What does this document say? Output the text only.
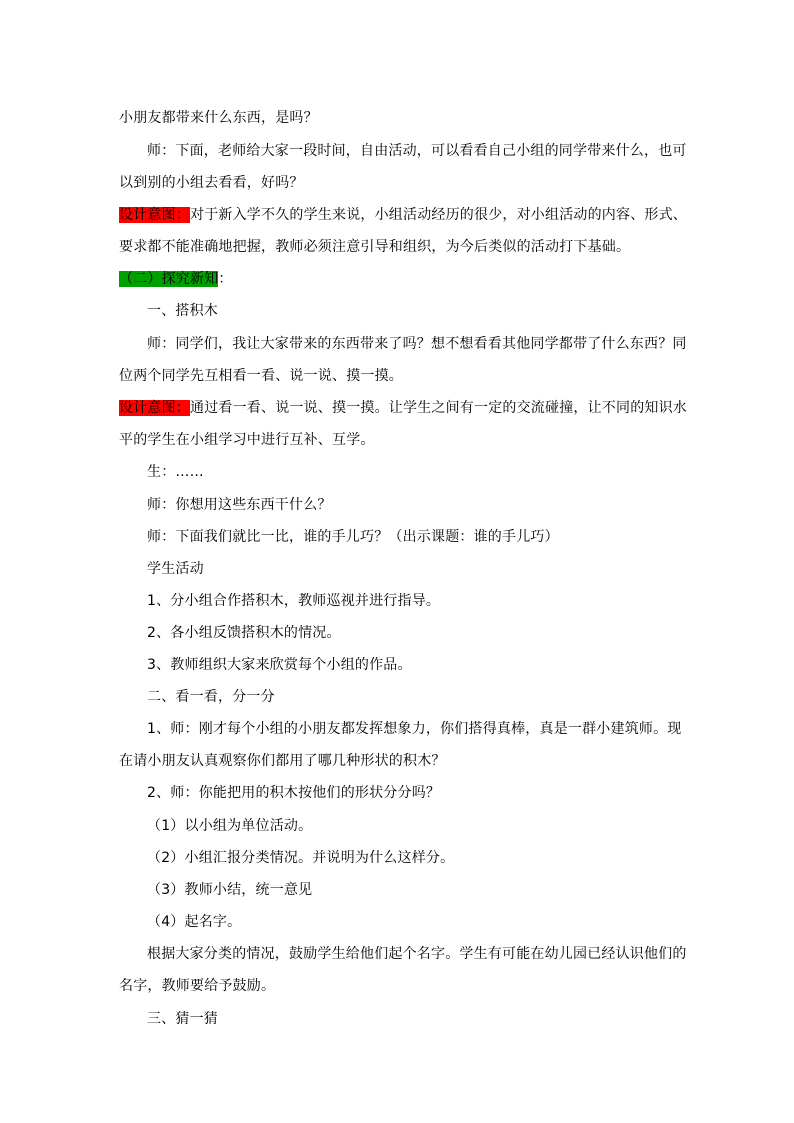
小朋友都带来什么东西，是吗？
师：下面，老师给大家一段时间，自由活动，可以看看自己小组的同学带来什么，也可
以到别的小组去看看，好吗？
设计意图：对于新入学不久的学生来说，小组活动经历的很少，对小组活动的内容、形式、
要求都不能准确地把握，教师必须注意引导和组织，为今后类似的活动打下基础。
（二）探究新知：
一、搭积木
师：同学们，我让大家带来的东西带来了吗？想不想看看其他同学都带了什么东西？同
位两个同学先互相看一看、说一说、摸一摸。
设计意图：通过看一看、说一说、摸一摸。让学生之间有一定的交流碰撞，让不同的知识水
平的学生在小组学习中进行互补、互学。
生：……
师：你想用这些东西干什么？
师：下面我们就比一比，谁的手儿巧？（出示课题：谁的手儿巧）
学生活动
1、分小组合作搭积木，教师巡视并进行指导。
2、各小组反馈搭积木的情况。
3、教师组织大家来欣赏每个小组的作品。
二、看一看，分一分
1、师：刚才每个小组的小朋友都发挥想象力，你们搭得真棒，真是一群小建筑师。现
在请小朋友认真观察你们都用了哪几种形状的积木？
2、师：你能把用的积木按他们的形状分分吗？
（1）以小组为单位活动。
（2）小组汇报分类情况。并说明为什么这样分。
（3）教师小结，统一意见
（4）起名字。
根据大家分类的情况，鼓励学生给他们起个名字。学生有可能在幼儿园已经认识他们的
名字，教师要给予鼓励。
三、猜一猜
